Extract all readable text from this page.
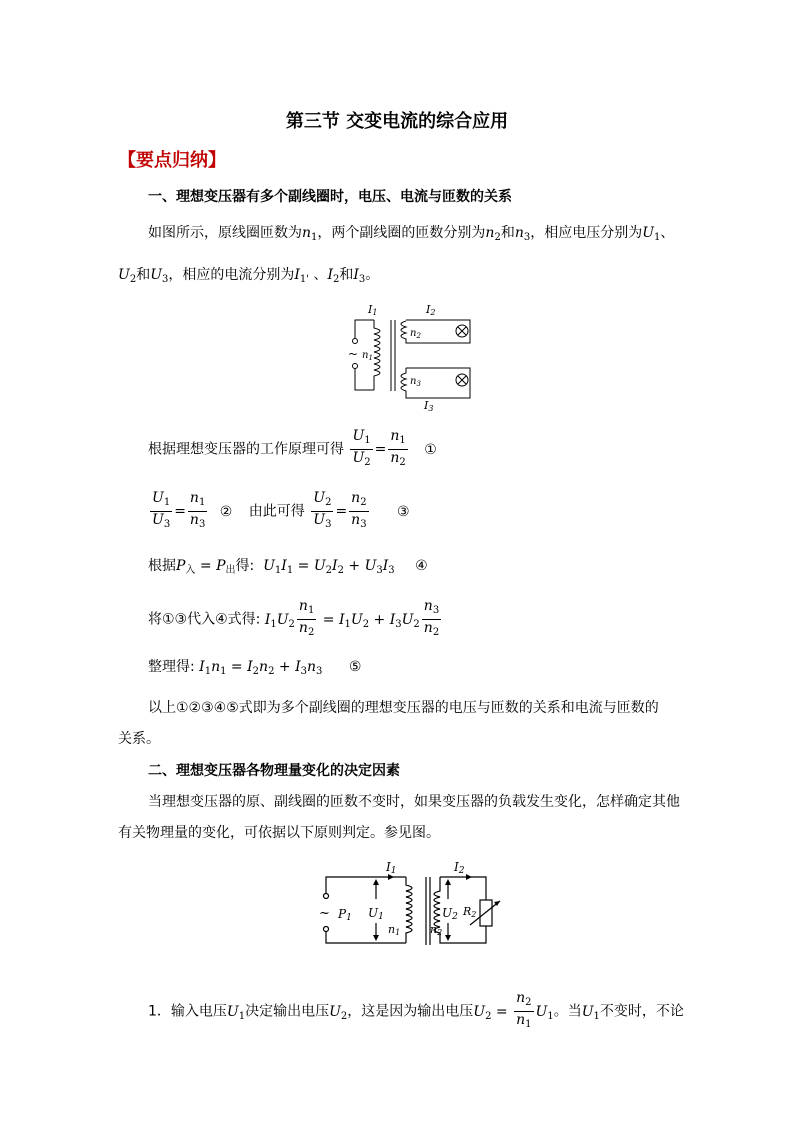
第三节 交变电流的综合应用
【要点归纳】
一、理想变压器有多个副线圈时，电压、电流与匝数的关系
如图所示，原线圈匝数为$n_1$，两个副线圈的匝数分别为$n_2$和$n_3$，相应电压分别为$U_1$、
$U_2$和$U_3$，相应的电流分别为$I_{1'}$ 、$I_2$和$I_3$。
I1	I2
I3
$n_1$
$n_2$
$n_3$
~
根据理想变压器的工作原理可得 $\frac{U_1}{U_2} = \frac{n_1}{n_2}$ ①
$\frac{U_1}{U_3} = \frac{n_1}{n_3}$ ② 由此可得 $\frac{U_2}{U_3} = \frac{n_2}{n_3}$ ③
根据$P_入 = P_出$得: $U_1I_1 = U_2I_2 + U_3I_3$ ④
将①③代入④式得: $I_1U_2 \frac{n_1}{n_2} = I_1U_2 + I_3U_2 \frac{n_3}{n_2}$
整理得: $I_1n_1 = I_2n_2 + I_3n_3$ ⑤
以上①②③④⑤式即为多个副线圈的理想变压器的电压与匝数的关系和电流与匝数的
关系。
二、理想变压器各物理量变化的决定因素
当理想变压器的原、副线圈的匝数不变时，如果变压器的负载发生变化，怎样确定其他
有关物理量的变化，可依据以下原则判定。参见图。
I1	I2
P1 U1
n1	n2
U2 R2
~
1．输入电压$U_1$决定输出电压$U_2$，这是因为输出电压$U_2 = \frac{n_2}{n_1} U_1$。当$U_1$不变时，不论
